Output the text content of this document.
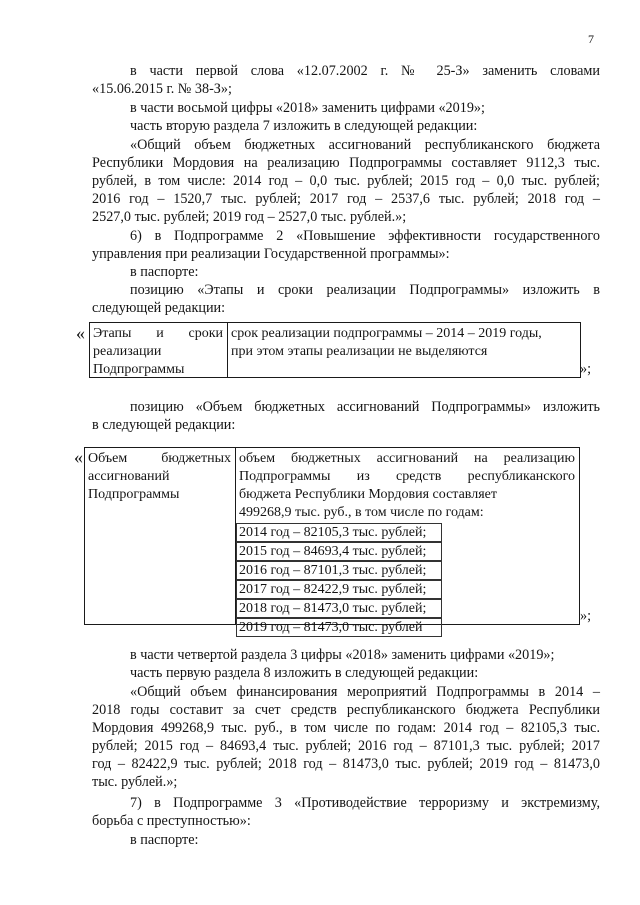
7
в части первой слова «12.07.2002 г. № 25-З» заменить словами
«15.06.2015 г. № 38-З»;
в части восьмой цифры «2018» заменить цифрами «2019»;
часть вторую раздела 7 изложить в следующей редакции:
«Общий объем бюджетных ассигнований республиканского бюджета
Республики Мордовия на реализацию Подпрограммы составляет 9112,3 тыс.
рублей, в том числе: 2014 год – 0,0 тыс. рублей; 2015 год – 0,0 тыс. рублей;
2016 год – 1520,7 тыс. рублей; 2017 год – 2537,6 тыс. рублей; 2018 год –
2527,0 тыс. рублей; 2019 год – 2527,0 тыс. рублей.»;
6) в Подпрограмме 2 «Повышение эффективности государственного
управления при реализации Государственной программы»:
в паспорте:
позицию «Этапы и сроки реализации Подпрограммы» изложить в
следующей редакции:
« Этапы и сроки
реализации
Подпрограммы
срок реализации подпрограммы – 2014 – 2019 годы,
при этом этапы реализации не выделяются
»;
позицию «Объем бюджетных ассигнований Подпрограммы» изложить
в следующей редакции:
« Объем бюджетных
ассигнований
Подпрограммы
объем бюджетных ассигнований на реализацию
Подпрограммы из средств республиканского
бюджета Республики Мордовия составляет
499268,9 тыс. руб., в том числе по годам:
2014 год – 82105,3 тыс. рублей;
2015 год – 84693,4 тыс. рублей;
2016 год – 87101,3 тыс. рублей;
2017 год – 82422,9 тыс. рублей;
2018 год – 81473,0 тыс. рублей;
2019 год – 81473,0 тыс. рублей
»;
в части четвертой раздела 3 цифры «2018» заменить цифрами «2019»;
часть первую раздела 8 изложить в следующей редакции:
«Общий объем финансирования мероприятий Подпрограммы в 2014 –
2018 годы составит за счет средств республиканского бюджета Республики
Мордовия 499268,9 тыс. руб., в том числе по годам: 2014 год – 82105,3 тыс.
рублей; 2015 год – 84693,4 тыс. рублей; 2016 год – 87101,3 тыс. рублей; 2017
год – 82422,9 тыс. рублей; 2018 год – 81473,0 тыс. рублей; 2019 год – 81473,0
тыс. рублей.»;
7) в Подпрограмме 3 «Противодействие терроризму и экстремизму,
борьба с преступностью»:
в паспорте:
